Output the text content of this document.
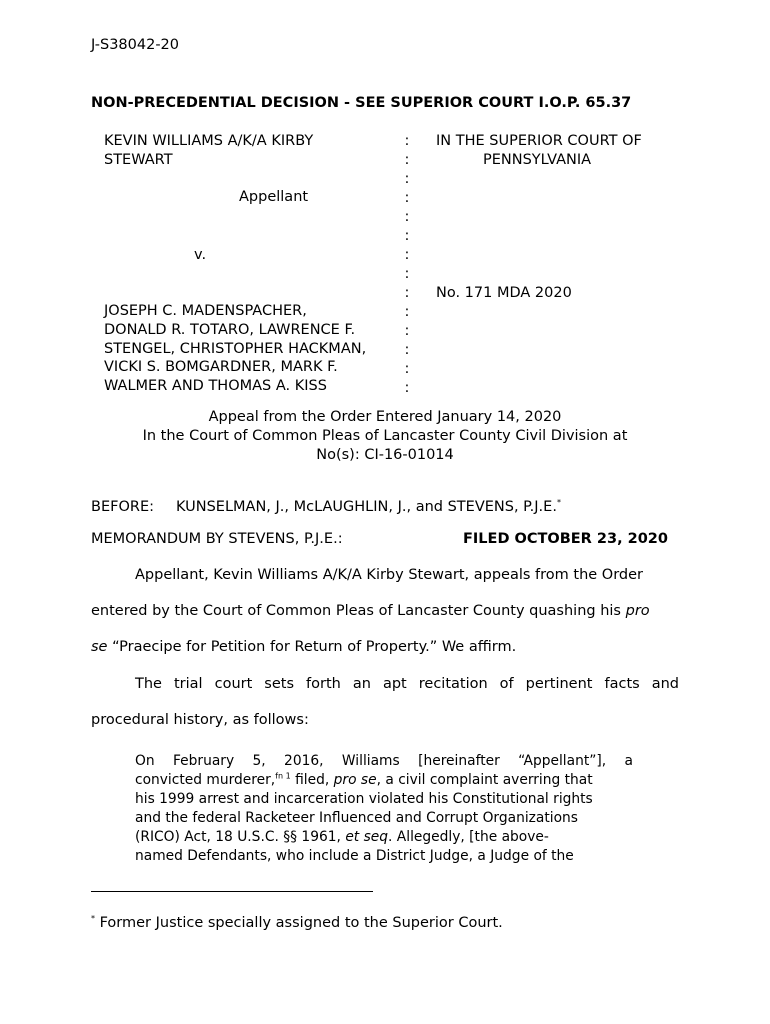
J-S38042-20
NON-PRECEDENTIAL DECISION - SEE SUPERIOR COURT I.O.P. 65.37
KEVIN WILLIAMS A/K/A KIRBY
STEWART
Appellant
v.
JOSEPH C. MADENSPACHER,
DONALD R. TOTARO, LAWRENCE F.
STENGEL, CHRISTOPHER HACKMAN,
VICKI S. BOMGARDNER, MARK F.
WALMER AND THOMAS A. KISS
:
:
:
:
:
:
:
:
:
:
:
:
:
:
IN THE SUPERIOR COURT OF
PENNSYLVANIA
No. 171 MDA 2020
Appeal from the Order Entered January 14, 2020
In the Court of Common Pleas of Lancaster County Civil Division at
No(s): CI-16-01014
BEFORE: KUNSELMAN, J., McLAUGHLIN, J., and STEVENS, P.J.E.*
MEMORANDUM BY STEVENS, P.J.E.:	FILED OCTOBER 23, 2020
Appellant, Kevin Williams A/K/A Kirby Stewart, appeals from the Order
entered by the Court of Common Pleas of Lancaster County quashing his pro
se “Praecipe for Petition for Return of Property.” We affirm.
The trial court sets forth an apt recitation of pertinent facts and
procedural history, as follows:
On February 5, 2016, Williams [hereinafter “Appellant”], a
convicted murderer,$^{fn 1}$ filed, pro se, a civil complaint averring that
his 1999 arrest and incarceration violated his Constitutional rights
and the federal Racketeer Influenced and Corrupt Organizations
(RICO) Act, 18 U.S.C. §§ 1961, et seq. Allegedly, [the above-
named Defendants, who include a District Judge, a Judge of the
* Former Justice specially assigned to the Superior Court.
